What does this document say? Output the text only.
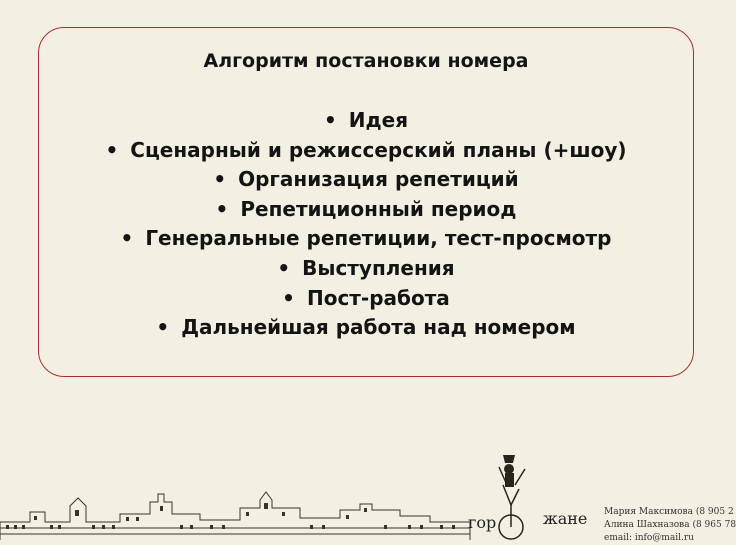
Алгоритм постановки номера
• Идея
• Сценарный и режиссерский планы (+шоу)
• Организация репетиций
• Репетиционный период
• Генеральные репетиции, тест-просмотр
• Выступления
• Пост-работа
• Дальнейшая работа над номером
гор	жане Мария Максимова (8 905 2
Алина Шахназова (8 965 78
email: info@mail.ru
